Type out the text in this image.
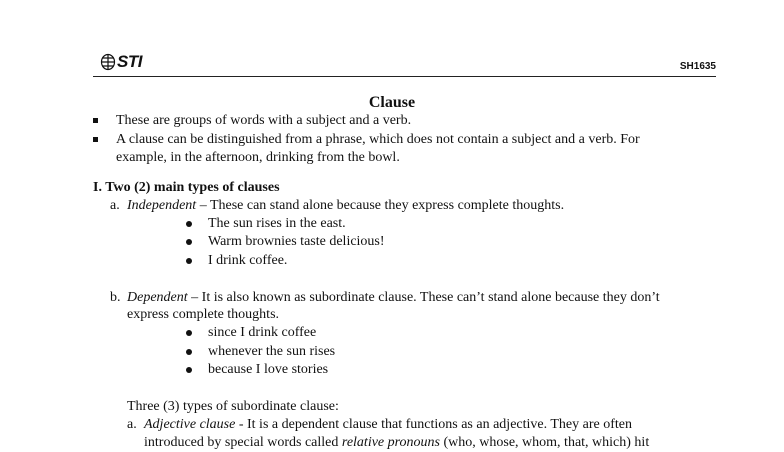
STI	SH1635
Clause
These are groups of words with a subject and a verb.
A clause can be distinguished from a phrase, which does not contain a subject and a verb. For
example, in the afternoon, drinking from the bowl.
I. Two (2) main types of clauses
a. Independent – These can stand alone because they express complete thoughts.
The sun rises in the east.
Warm brownies taste delicious!
I drink coffee.
b. Dependent – It is also known as subordinate clause. These can’t stand alone because they don’t
express complete thoughts.
since I drink coffee
whenever the sun rises
because I love stories
Three (3) types of subordinate clause:
a. Adjective clause - It is a dependent clause that functions as an adjective. They are often
introduced by special words called relative pronouns (who, whose, whom, that, which) hit
